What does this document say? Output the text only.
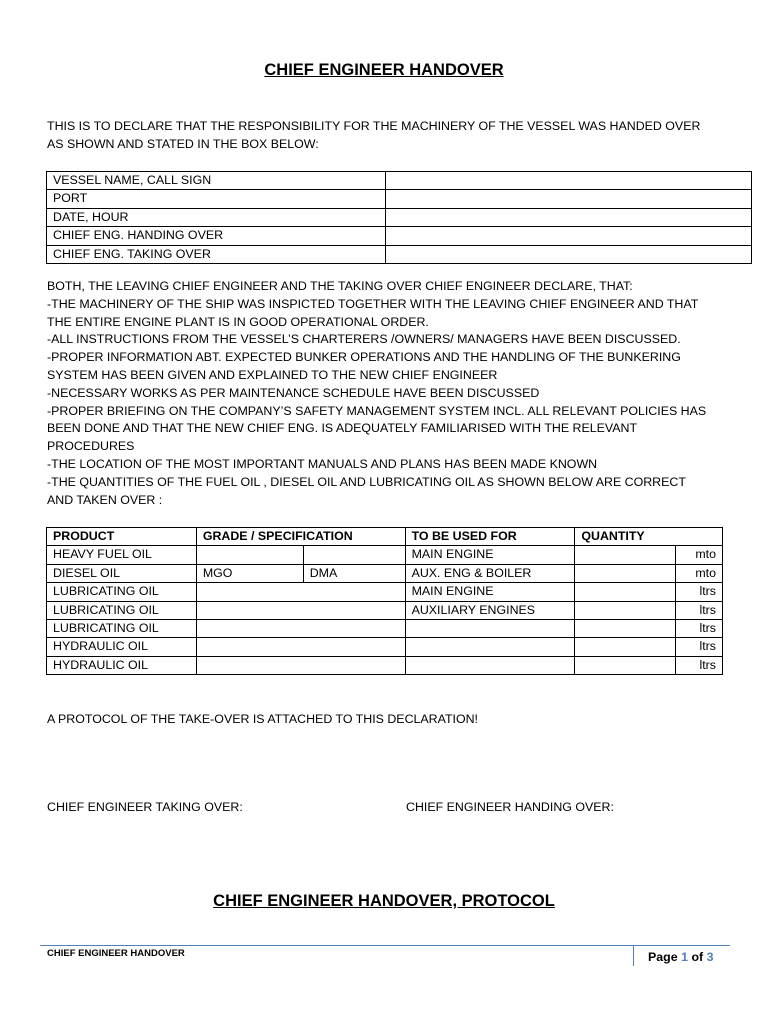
CHIEF ENGINEER HANDOVER
THIS IS TO DECLARE THAT THE RESPONSIBILITY FOR THE MACHINERY OF THE VESSEL WAS HANDED OVER
AS SHOWN AND STATED IN THE BOX BELOW:
VESSEL NAME, CALL SIGN	
PORT	
DATE, HOUR	
CHIEF ENG. HANDING OVER	
CHIEF ENG. TAKING OVER	
BOTH, THE LEAVING CHIEF ENGINEER AND THE TAKING OVER CHIEF ENGINEER DECLARE, THAT:
-THE MACHINERY OF THE SHIP WAS INSPICTED TOGETHER WITH THE LEAVING CHIEF ENGINEER AND THAT
THE ENTIRE ENGINE PLANT IS IN GOOD OPERATIONAL ORDER.
-ALL INSTRUCTIONS FROM THE VESSEL’S CHARTERERS /OWNERS/ MANAGERS HAVE BEEN DISCUSSED.
-PROPER INFORMATION ABT. EXPECTED BUNKER OPERATIONS AND THE HANDLING OF THE BUNKERING
SYSTEM HAS BEEN GIVEN AND EXPLAINED TO THE NEW CHIEF ENGINEER
-NECESSARY WORKS AS PER MAINTENANCE SCHEDULE HAVE BEEN DISCUSSED
-PROPER BRIEFING ON THE COMPANY’S SAFETY MANAGEMENT SYSTEM INCL. ALL RELEVANT POLICIES HAS
BEEN DONE AND THAT THE NEW CHIEF ENG. IS ADEQUATELY FAMILIARISED WITH THE RELEVANT
PROCEDURES
-THE LOCATION OF THE MOST IMPORTANT MANUALS AND PLANS HAS BEEN MADE KNOWN
-THE QUANTITIES OF THE FUEL OIL , DIESEL OIL AND LUBRICATING OIL AS SHOWN BELOW ARE CORRECT
AND TAKEN OVER :
PRODUCT	GRADE / SPECIFICATION		TO BE USED FOR	QUANTITY	
HEAVY FUEL OIL			MAIN ENGINE		mto
DIESEL OIL	MGO	DMA	AUX. ENG & BOILER		mto
LUBRICATING OIL			MAIN ENGINE		ltrs
LUBRICATING OIL			AUXILIARY ENGINES		ltrs
LUBRICATING OIL					ltrs
HYDRAULIC OIL					ltrs
HYDRAULIC OIL					ltrs
A PROTOCOL OF THE TAKE-OVER IS ATTACHED TO THIS DECLARATION!
CHIEF ENGINEER TAKING OVER:	CHIEF ENGINEER HANDING OVER:
CHIEF ENGINEER HANDOVER, PROTOCOL
CHIEF ENGINEER HANDOVER	Page 1 of 3
